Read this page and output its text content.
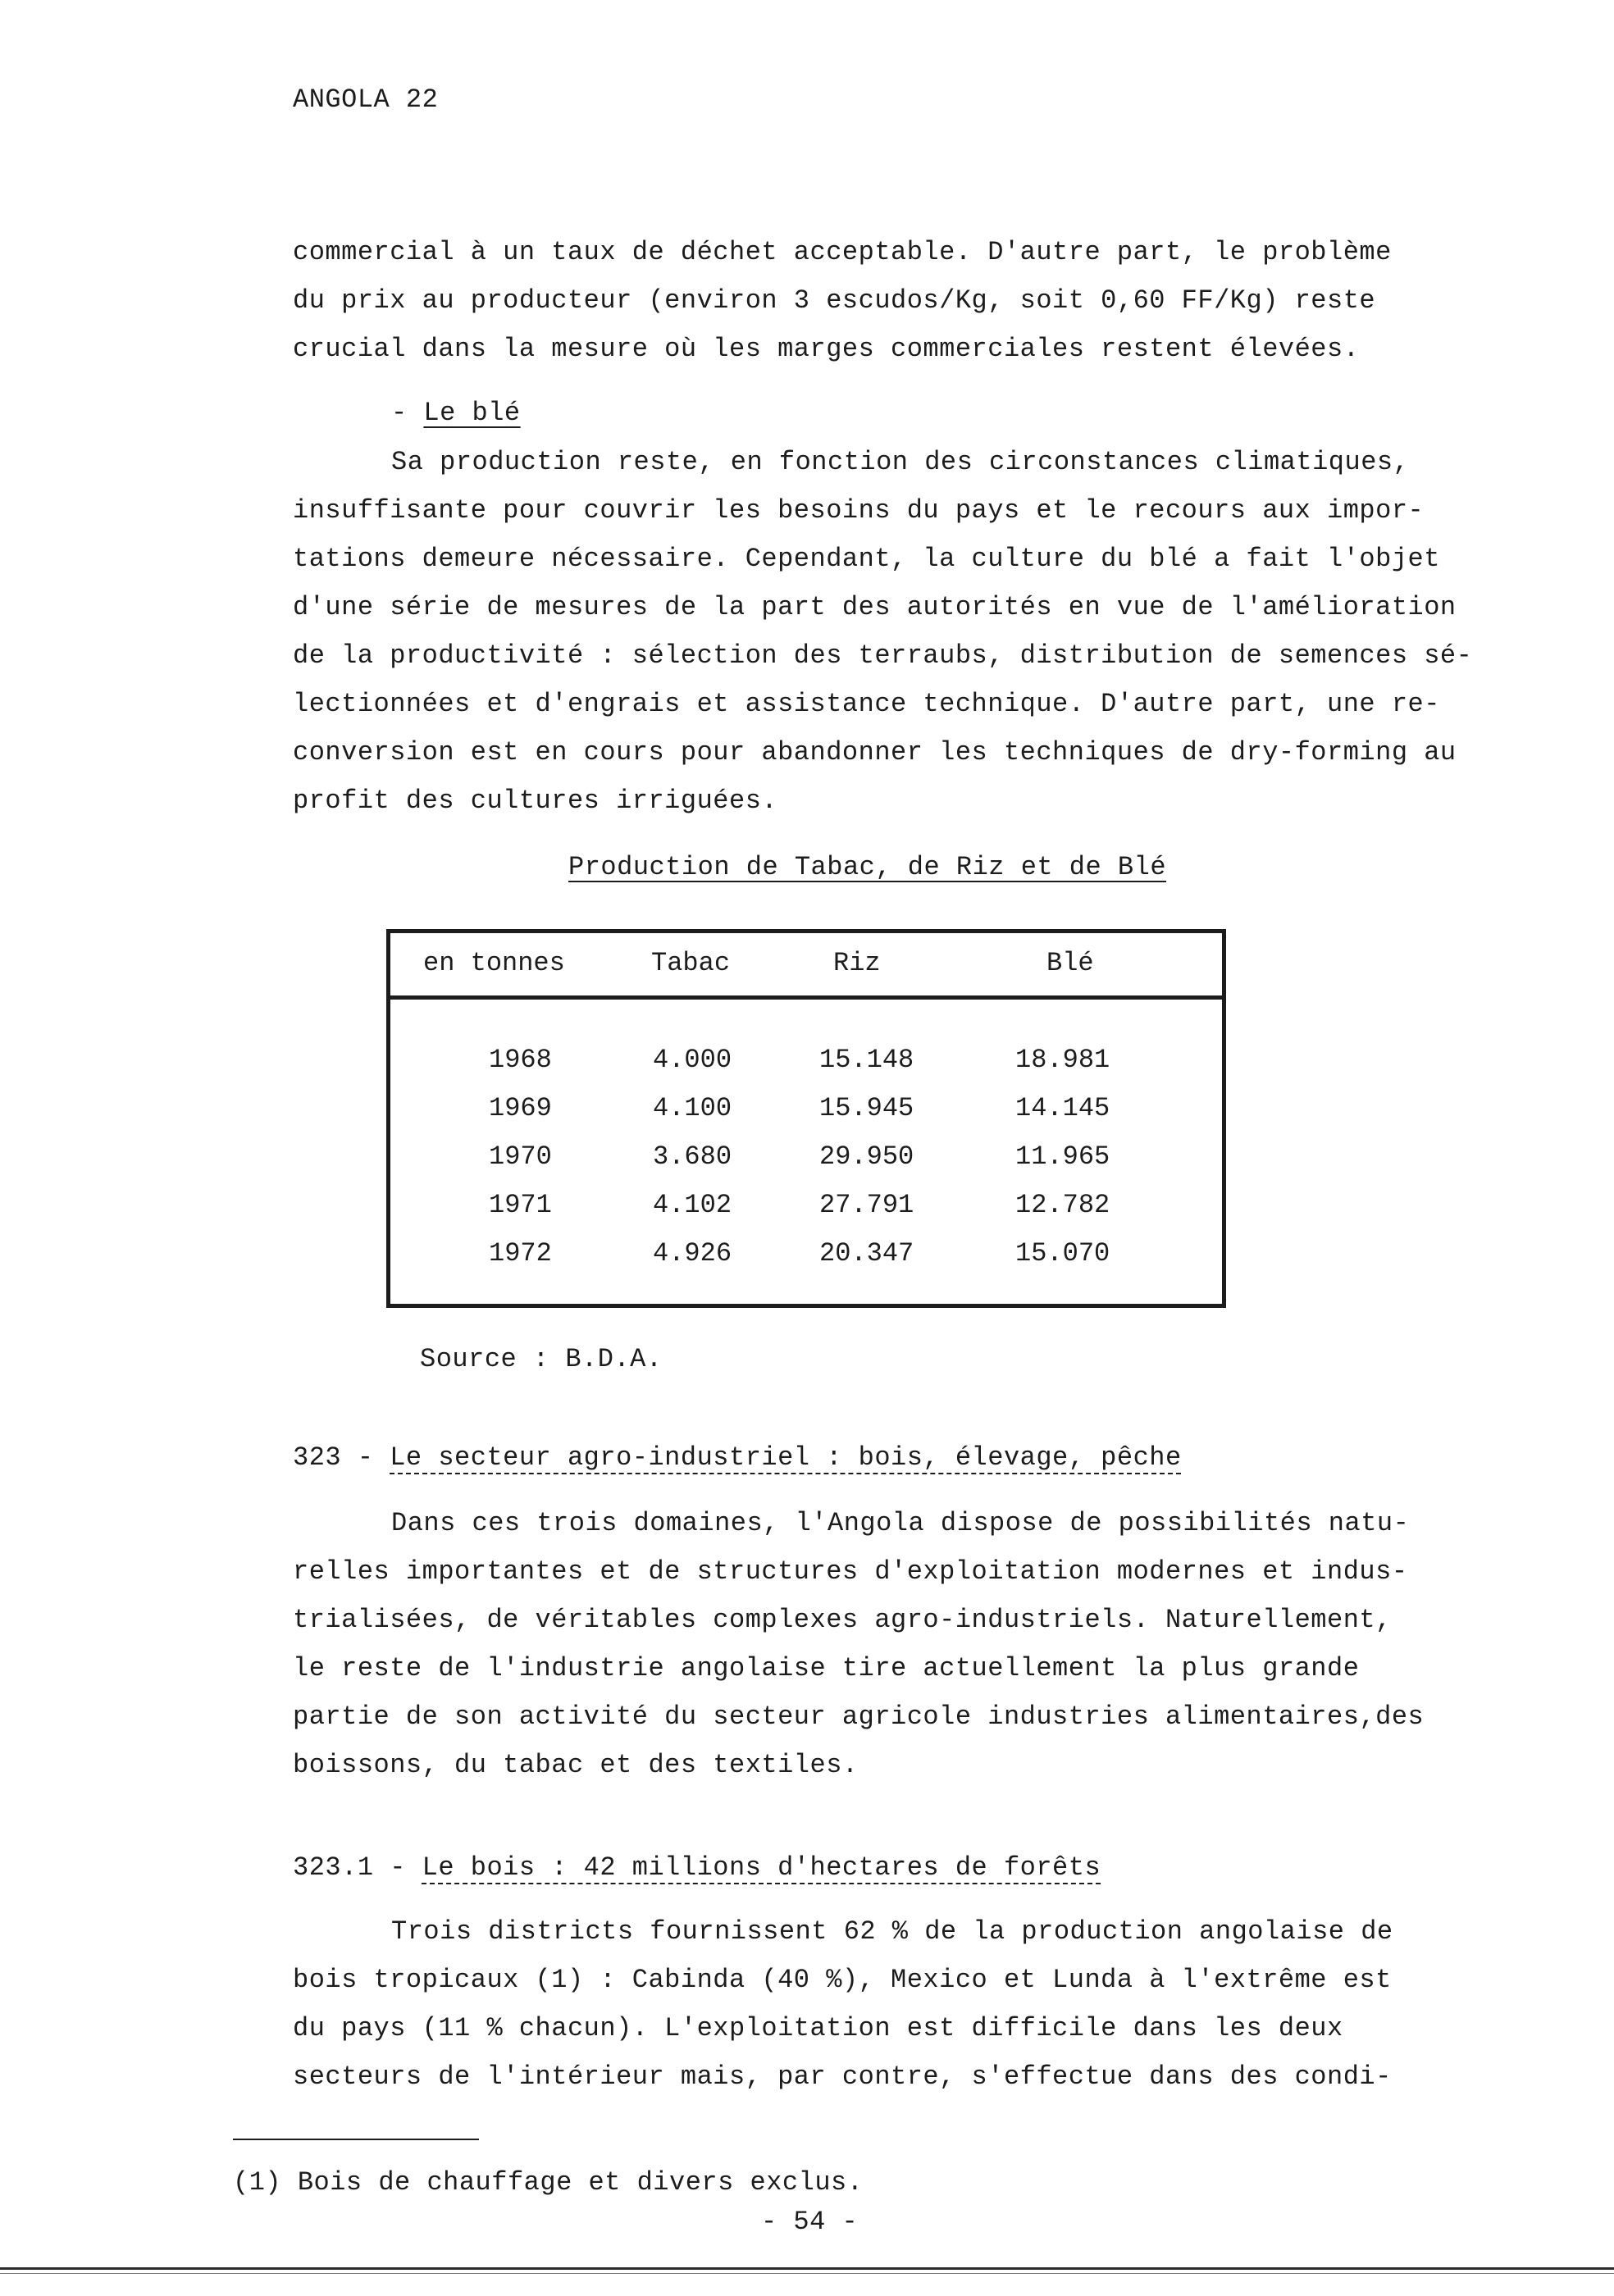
ANGOLA 22
commercial à un taux de déchet acceptable. D'autre part, le problème
du prix au producteur (environ 3 escudos/Kg, soit 0,60 FF/Kg) reste
crucial dans la mesure où les marges commerciales restent élevées.
- Le blé
Sa production reste, en fonction des circonstances climatiques,
insuffisante pour couvrir les besoins du pays et le recours aux impor-
tations demeure nécessaire. Cependant, la culture du blé a fait l'objet
d'une série de mesures de la part des autorités en vue de l'amélioration
de la productivité : sélection des terraubs, distribution de semences sé-
lectionnées et d'engrais et assistance technique. D'autre part, une re-
conversion est en cours pour abandonner les techniques de dry-forming au
profit des cultures irriguées.
Production de Tabac, de Riz et de Blé
en tonnes	Tabac	Riz	Blé
1968	4.000	15.148	18.981
1969	4.100	15.945	14.145
1970	3.680	29.950	11.965
1971	4.102	27.791	12.782
1972	4.926	20.347	15.070
Source : B.D.A.
323 - Le secteur agro-industriel : bois, élevage, pêche
Dans ces trois domaines, l'Angola dispose de possibilités natu-
relles importantes et de structures d'exploitation modernes et indus-
trialisées, de véritables complexes agro-industriels. Naturellement,
le reste de l'industrie angolaise tire actuellement la plus grande
partie de son activité du secteur agricole industries alimentaires,des
boissons, du tabac et des textiles.
323.1 - Le bois : 42 millions d'hectares de forêts
Trois districts fournissent 62 % de la production angolaise de
bois tropicaux (1) : Cabinda (40 %), Mexico et Lunda à l'extrême est
du pays (11 % chacun). L'exploitation est difficile dans les deux
secteurs de l'intérieur mais, par contre, s'effectue dans des condi-
(1) Bois de chauffage et divers exclus.
- 54 -
